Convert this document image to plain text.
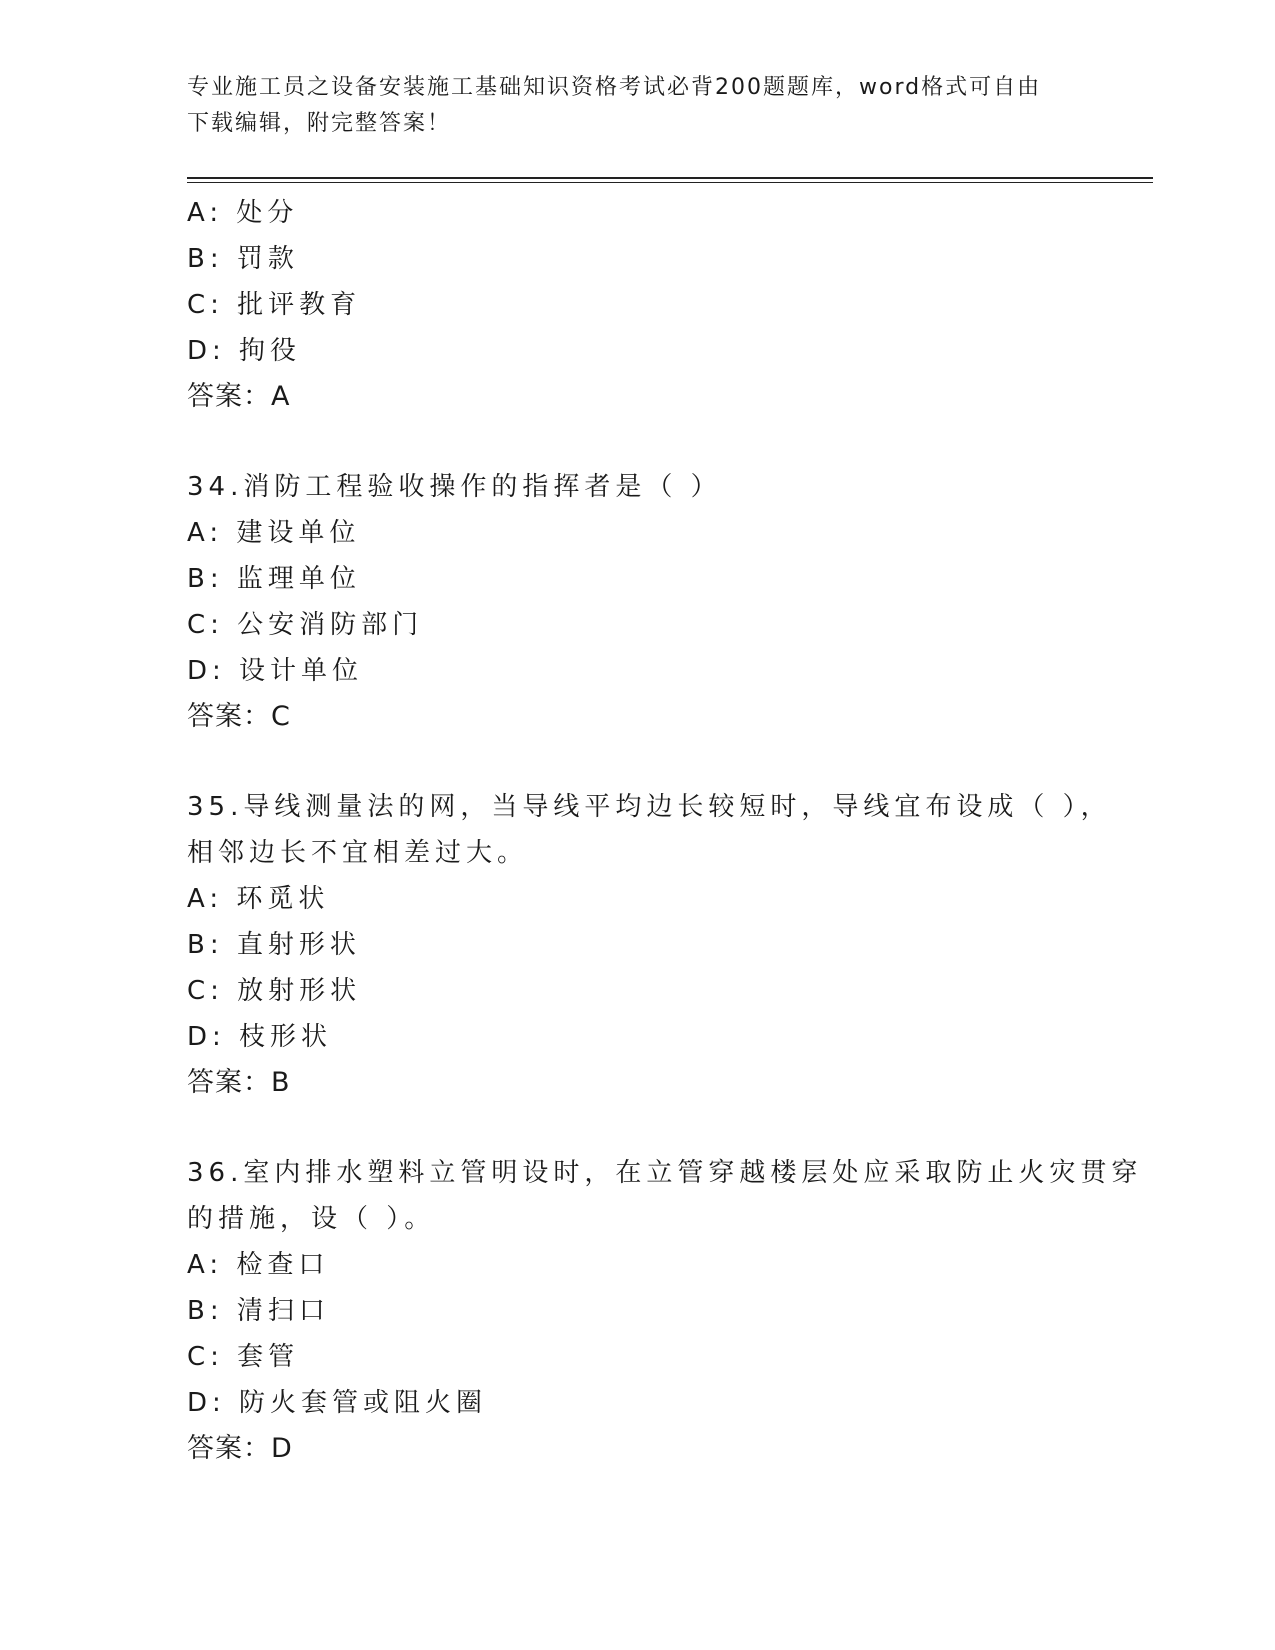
专业施工员之设备安装施工基础知识资格考试必背200题题库，word格式可自由
下载编辑，附完整答案！
A: 处分
B: 罚款
C: 批评教育
D: 拘役
答案：A
34.消防工程验收操作的指挥者是（ ）
A: 建设单位
B: 监理单位
C: 公安消防部门
D: 设计单位
答案：C
35.导线测量法的网，当导线平均边长较短时，导线宜布设成（ ），
相邻边长不宜相差过大。
A: 环觅状
B: 直射形状
C: 放射形状
D: 枝形状
答案：B
36.室内排水塑料立管明设时，在立管穿越楼层处应采取防止火灾贯穿
的措施，设（ ）。
A: 检查口
B: 清扫口
C: 套管
D: 防火套管或阻火圈
答案：D
